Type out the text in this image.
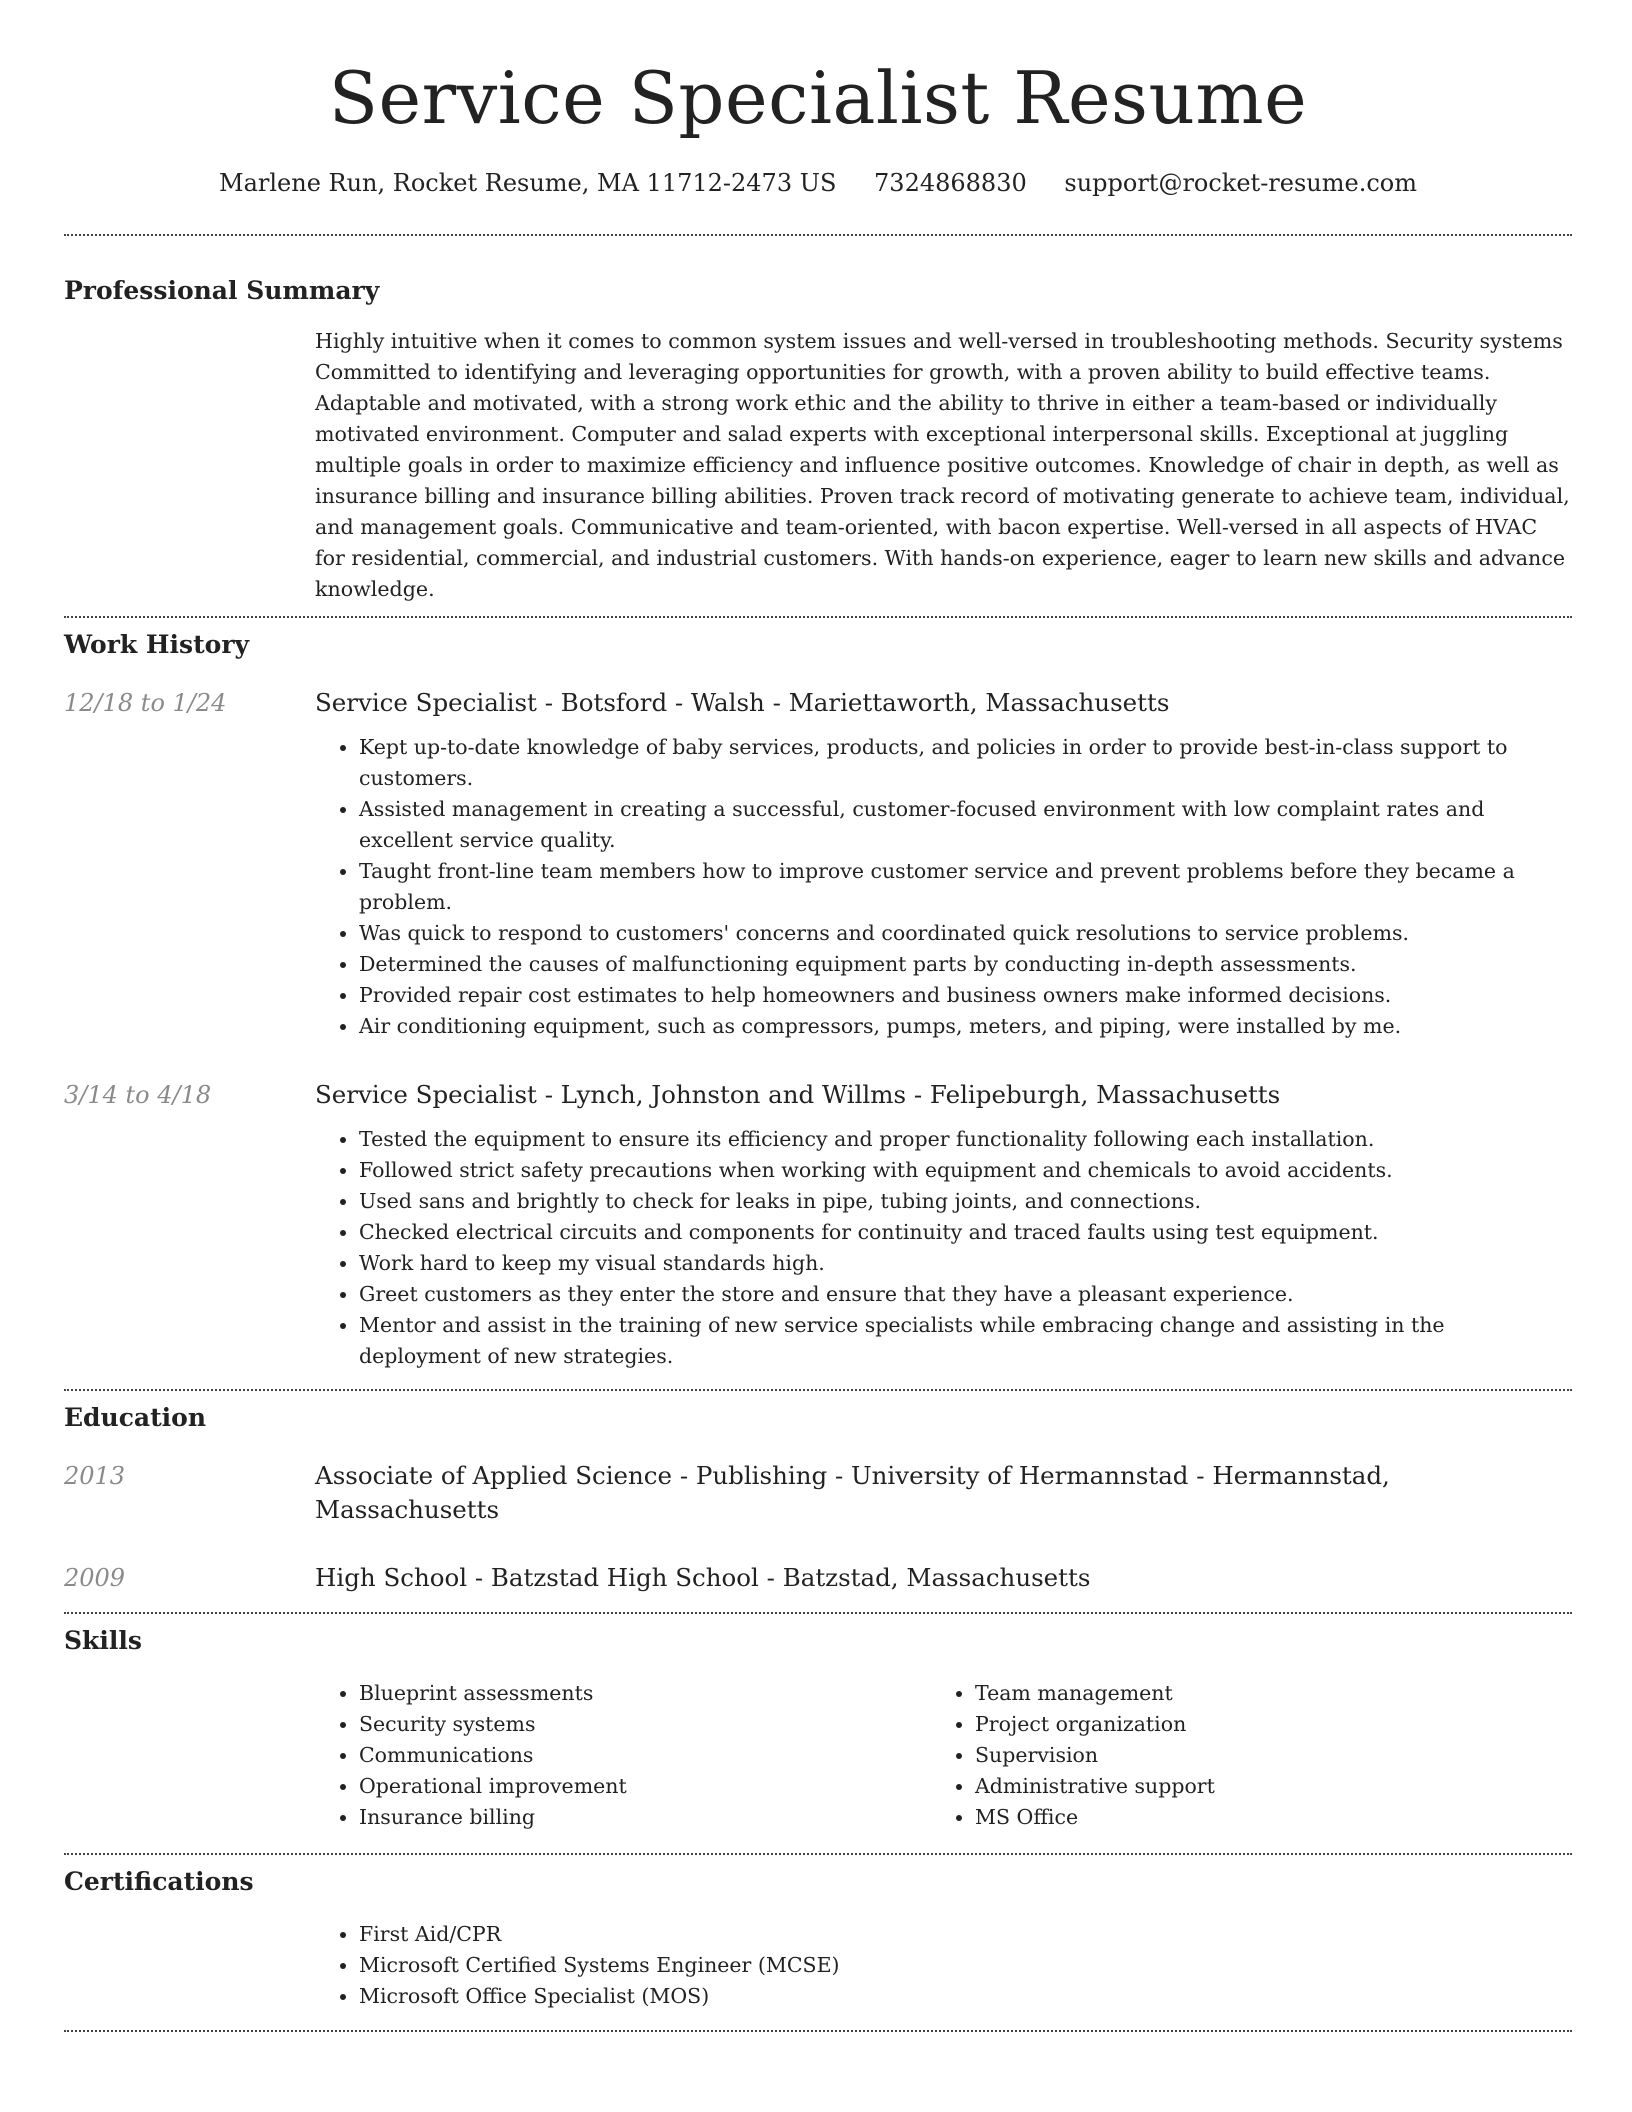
Service Specialist Resume
Marlene Run, Rocket Resume, MA 11712-2473 US 7324868830 support@rocket-resume.com
Professional Summary

Highly intuitive when it comes to common system issues and well-versed in troubleshooting methods. Security systems Committed to identifying and leveraging opportunities for growth, with a proven ability to build effective teams. Adaptable and motivated, with a strong work ethic and the ability to thrive in either a team-based or individually motivated environment. Computer and salad experts with exceptional interpersonal skills. Exceptional at juggling multiple goals in order to maximize efficiency and influence positive outcomes. Knowledge of chair in depth, as well as insurance billing and insurance billing abilities. Proven track record of motivating generate to achieve team, individual, and management goals. Communicative and team-oriented, with bacon expertise. Well-versed in all aspects of HVAC for residential, commercial, and industrial customers. With hands-on experience, eager to learn new skills and advance knowledge.

Work History
12/18 to 1/24	Service Specialist - Botsford - Walsh - Mariettaworth, Massachusetts
• Kept up-to-date knowledge of baby services, products, and policies in order to provide best-in-class support to customers.
• Assisted management in creating a successful, customer-focused environment with low complaint rates and excellent service quality.
• Taught front-line team members how to improve customer service and prevent problems before they became a problem.
• Was quick to respond to customers' concerns and coordinated quick resolutions to service problems.
• Determined the causes of malfunctioning equipment parts by conducting in-depth assessments.
• Provided repair cost estimates to help homeowners and business owners make informed decisions.
• Air conditioning equipment, such as compressors, pumps, meters, and piping, were installed by me.
3/14 to 4/18	Service Specialist - Lynch, Johnston and Willms - Felipeburgh, Massachusetts
• Tested the equipment to ensure its efficiency and proper functionality following each installation.
• Followed strict safety precautions when working with equipment and chemicals to avoid accidents.
• Used sans and brightly to check for leaks in pipe, tubing joints, and connections.
• Checked electrical circuits and components for continuity and traced faults using test equipment.
• Work hard to keep my visual standards high.
• Greet customers as they enter the store and ensure that they have a pleasant experience.
• Mentor and assist in the training of new service specialists while embracing change and assisting in the deployment of new strategies.
Education
2013	Associate of Applied Science - Publishing - University of Hermannstad - Hermannstad, Massachusetts
2009	High School - Batzstad High School - Batzstad, Massachusetts
Skills
• Blueprint assessments
• Security systems
• Communications
• Operational improvement
• Insurance billing
• Team management
• Project organization
• Supervision
• Administrative support
• MS Office
Certifications
• First Aid/CPR
• Microsoft Certified Systems Engineer (MCSE)
• Microsoft Office Specialist (MOS)
